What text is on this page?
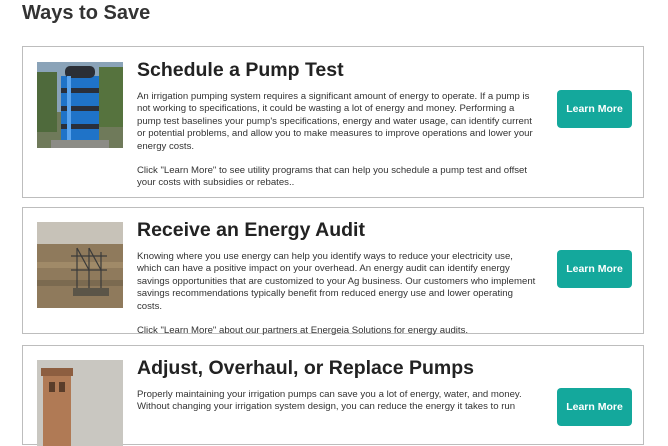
Ways to Save
Schedule a Pump Test

An irrigation pumping system requires a significant amount of energy to operate. If a pump is not working to specifications, it could be wasting a lot of energy and money. Performing a pump test baselines your pump's specifications, energy and water usage, can identify current or potential problems, and allow you to make measures to improve operations and lower your energy costs.

Click "Learn More" to see utility programs that can help you schedule a pump test and offset your costs with subsidies or rebates..

Learn More
Receive an Energy Audit

Knowing where you use energy can help you identify ways to reduce your electricity use, which can have a positive impact on your overhead. An energy audit can identify energy savings opportunities that are customized to your Ag business. Our customers who implement savings recommendations typically benefit from reduced energy use and lower operating costs.

Click "Learn More" about our partners at Energeia Solutions for energy audits.

Learn More
Adjust, Overhaul, or Replace Pumps

Properly maintaining your irrigation pumps can save you a lot of energy, water, and money. Without changing your irrigation system design, you can reduce the energy it takes to run	Learn More
